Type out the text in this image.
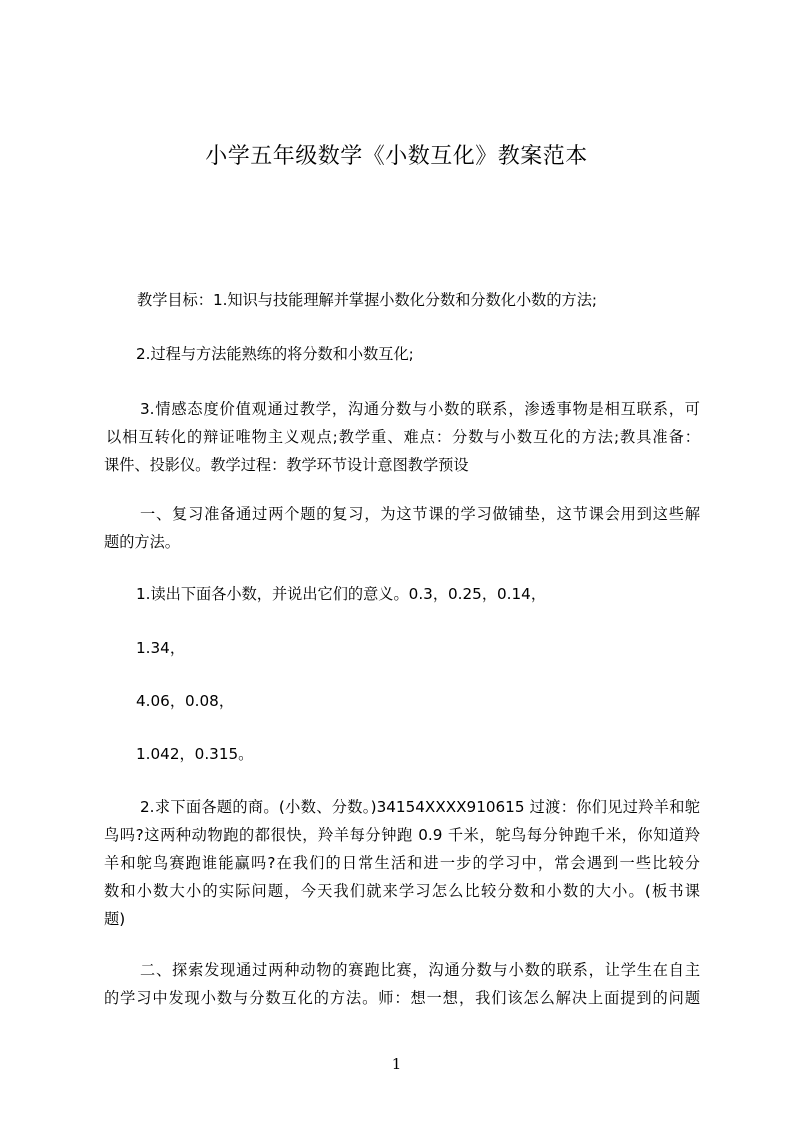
小学五年级数学《小数互化》教案范本
教学目标：1.知识与技能理解并掌握小数化分数和分数化小数的方法;
2.过程与方法能熟练的将分数和小数互化;
3.情感态度价值观通过教学，沟通分数与小数的联系，渗透事物是相互联系，可
以相互转化的辩证唯物主义观点;教学重、难点：分数与小数互化的方法;教具准备：
课件、投影仪。教学过程：教学环节设计意图教学预设
一、复习准备通过两个题的复习，为这节课的学习做铺垫，这节课会用到这些解
题的方法。
1.读出下面各小数，并说出它们的意义。0.3，0.25，0.14，
1.34，
4.06，0.08，
1.042，0.315。
2.求下面各题的商。(小数、分数。)34154XXXX910615 过渡：你们见过羚羊和鸵
鸟吗?这两种动物跑的都很快，羚羊每分钟跑 0.9 千米，鸵鸟每分钟跑千米，你知道羚
羊和鸵鸟赛跑谁能赢吗?在我们的日常生活和进一步的学习中，常会遇到一些比较分
数和小数大小的实际问题，今天我们就来学习怎么比较分数和小数的大小。(板书课
题)
二、探索发现通过两种动物的赛跑比赛，沟通分数与小数的联系，让学生在自主
的学习中发现小数与分数互化的方法。师：想一想，我们该怎么解决上面提到的问题
1
